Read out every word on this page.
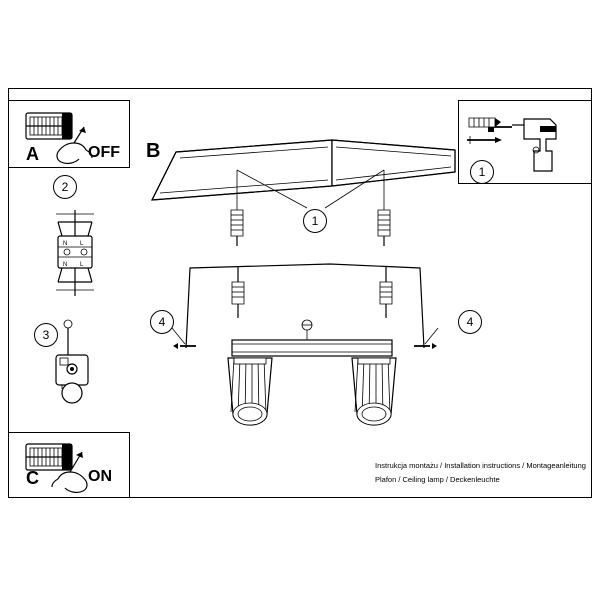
N L
N L
A	OFF
C	ON
B
1
1
2
3
4	4
Instrukcja montażu / Installation instructions / Montageanleitung
Plafon / Ceiling lamp / Deckenleuchte
